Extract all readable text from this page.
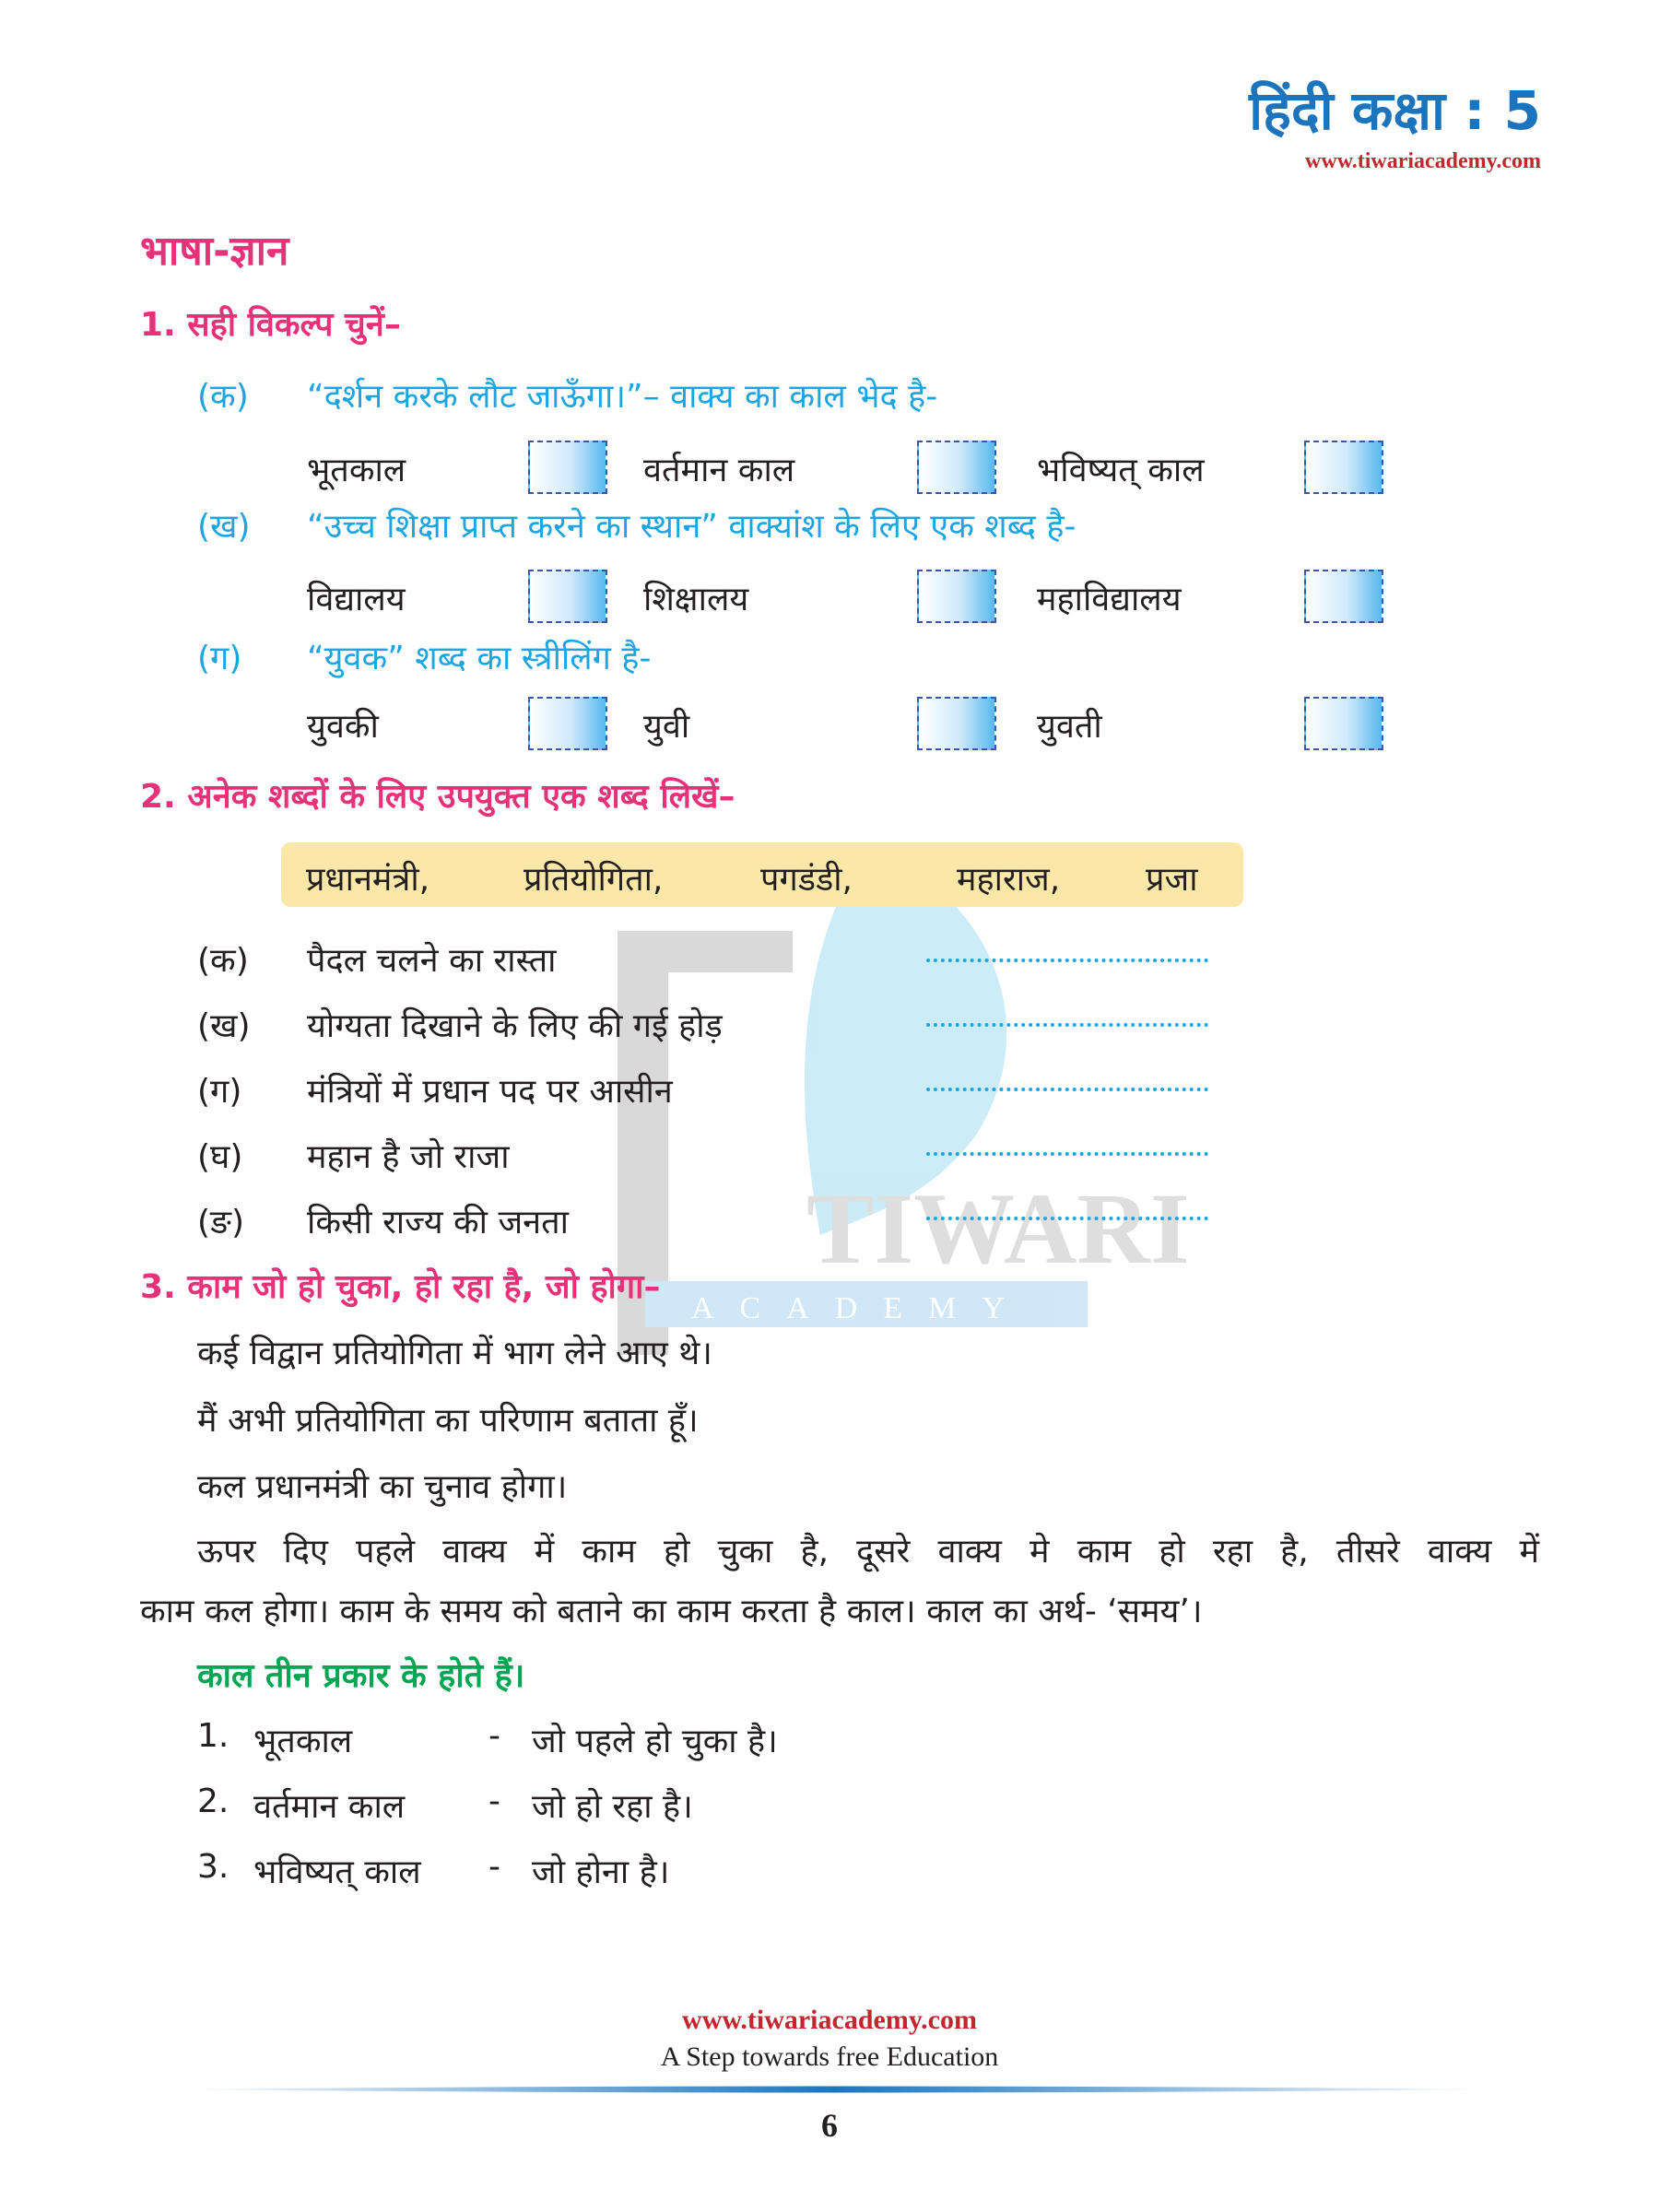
हिंदी कक्षा : 5
www.tiwariacademy.com
TIWARI
ACADEMY
भाषा-ज्ञान
1. सही विकल्प चुनें–
(क) “दर्शन करके लौट जाऊँगा।”– वाक्य का काल भेद है-
भूतकाल	वर्तमान काल	भविष्यत् काल
(ख) “उच्च शिक्षा प्राप्त करने का स्थान” वाक्यांश के लिए एक शब्द है-
विद्यालय	शिक्षालय	महाविद्यालय
(ग) “युवक” शब्द का स्त्रीलिंग है-
युवकी	युवी	युवती
2. अनेक शब्दों के लिए उपयुक्त एक शब्द लिखें–
प्रधानमंत्री,	प्रतियोगिता,	पगडंडी,	महाराज,	प्रजा
(क) पैदल चलने का रास्ता
(ख) योग्यता दिखाने के लिए की गई होड़
(ग) मंत्रियों में प्रधान पद पर आसीन
(घ) महान है जो राजा
(ङ) किसी राज्य की जनता
3. काम जो हो चुका, हो रहा है, जो होगा–
कई विद्वान प्रतियोगिता में भाग लेने आए थे।
मैं अभी प्रतियोगिता का परिणाम बताता हूँ।
कल प्रधानमंत्री का चुनाव होगा।
ऊपर दिए पहले वाक्य में काम हो चुका है, दूसरे वाक्य मे काम हो रहा है, तीसरे वाक्य में
काम कल होगा। काम के समय को बताने का काम करता है काल। काल का अर्थ- ‘समय’।
काल तीन प्रकार के होते हैं।
1. भूतकाल	- जो पहले हो चुका है।
2. वर्तमान काल	- जो हो रहा है।
3. भविष्यत् काल - जो होना है।
www.tiwariacademy.com
A Step towards free Education
6
